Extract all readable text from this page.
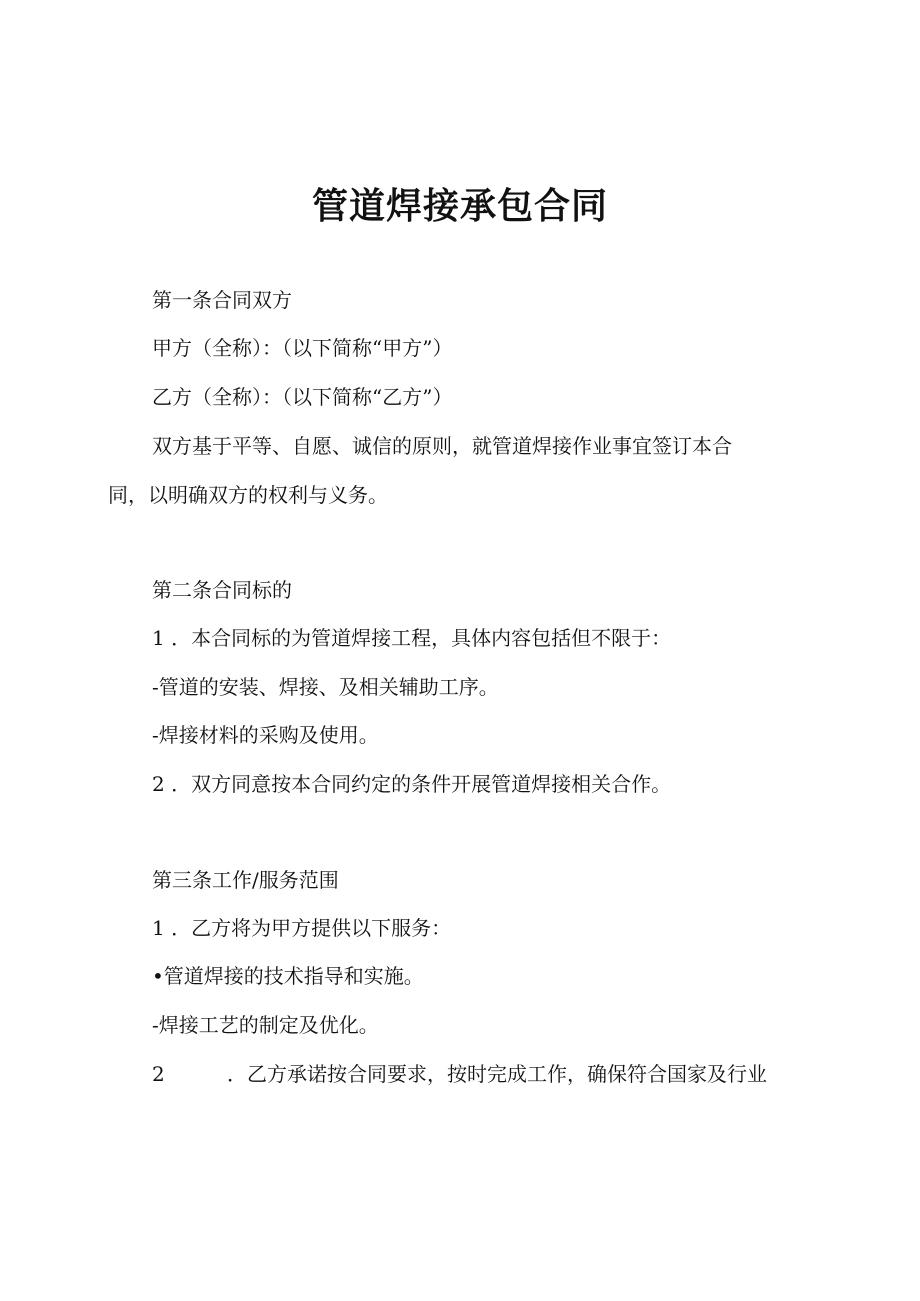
管道焊接承包合同

第一条合同双方

甲方（全称）：（以下简称“甲方”）

乙方（全称）：（以下简称“乙方”）

双方基于平等、自愿、诚信的原则，就管道焊接作业事宜签订本合

同，以明确双方的权利与义务。

第二条合同标的

1 ．本合同标的为管道焊接工程，具体内容包括但不限于：

-管道的安装、焊接、及相关辅助工序。

-焊接材料的采购及使用。

2 ．双方同意按本合同约定的条件开展管道焊接相关合作。

第三条工作/服务范围

1 ．乙方将为甲方提供以下服务：

•管道焊接的技术指导和实施。

-焊接工艺的制定及优化。

2	．乙方承诺按合同要求，按时完成工作，确保符合国家及行业
